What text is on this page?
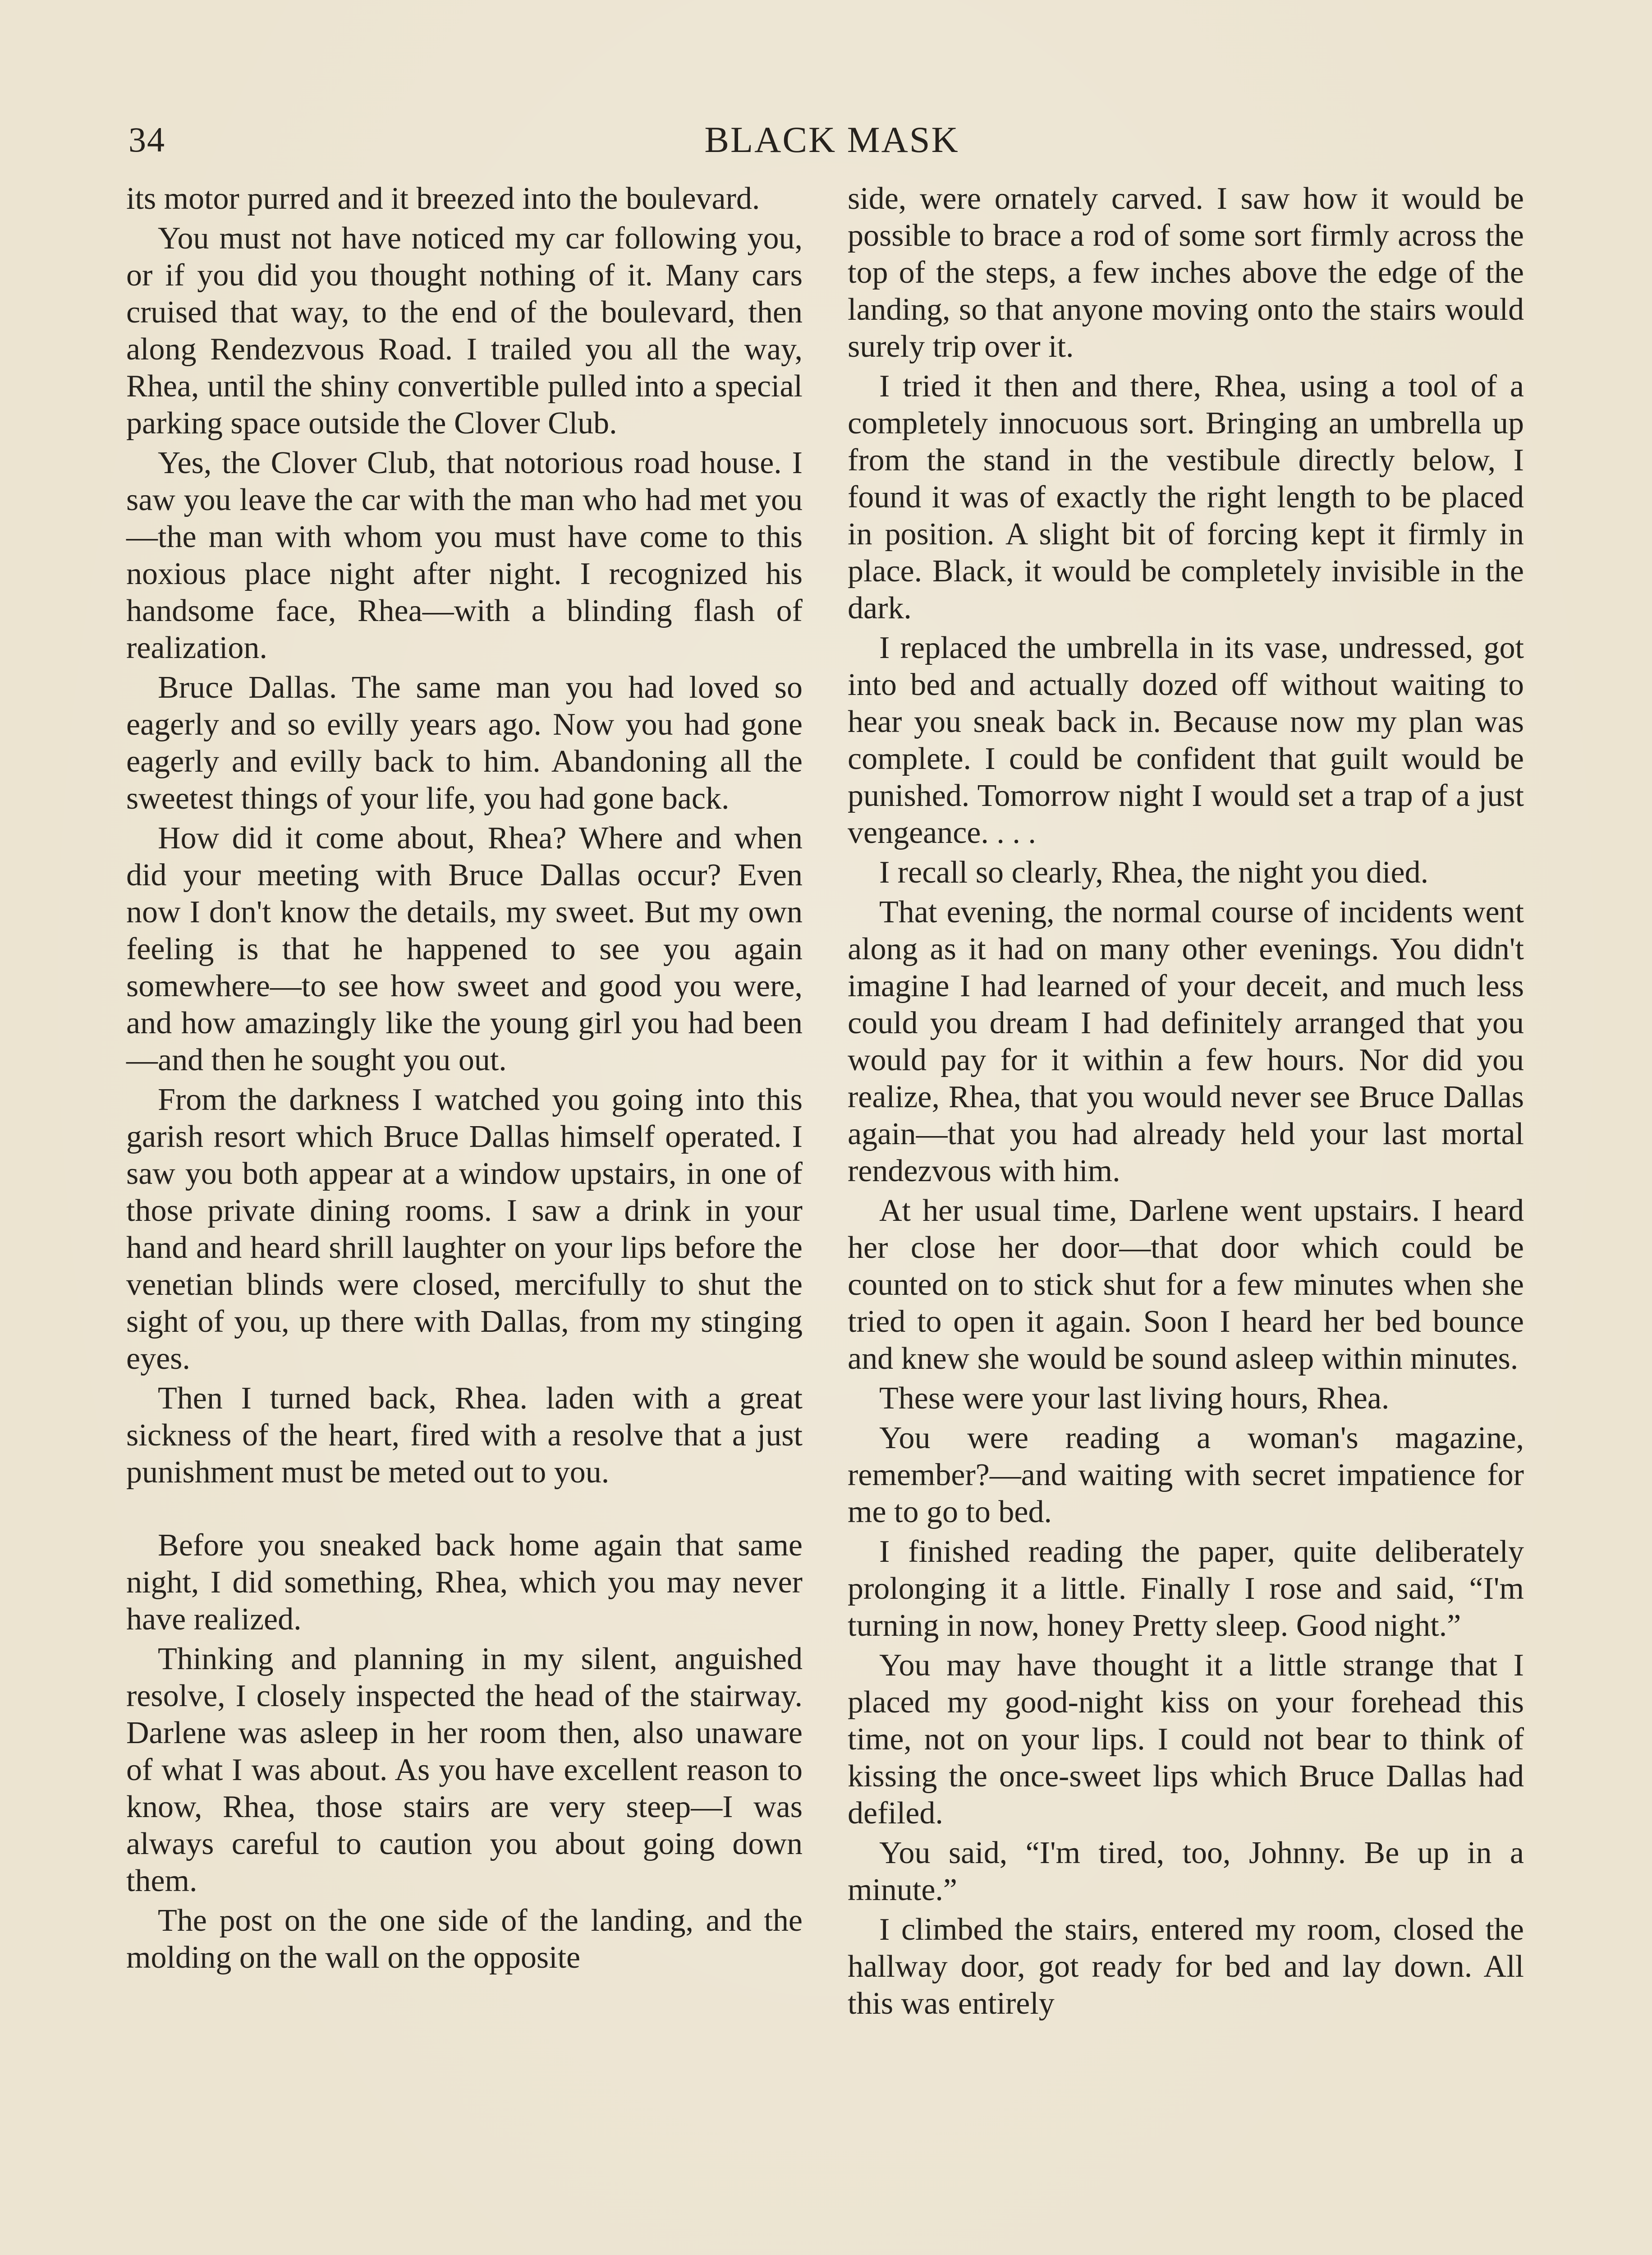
34	BLACK MASK

its motor purred and it breezed into the boulevard.

You must not have noticed my car following you, or if you did you thought nothing of it. Many cars cruised that way, to the end of the boulevard, then along Rendezvous Road. I trailed you all the way, Rhea, until the shiny convertible pulled into a special parking space outside the Clover Club.

Yes, the Clover Club, that notorious road house. I saw you leave the car with the man who had met you—the man with whom you must have come to this noxious place night after night. I recognized his handsome face, Rhea—with a blinding flash of realization.

Bruce Dallas. The same man you had loved so eagerly and so evilly years ago. Now you had gone eagerly and evilly back to him. Abandoning all the sweetest things of your life, you had gone back.

How did it come about, Rhea? Where and when did your meeting with Bruce Dallas occur? Even now I don't know the details, my sweet. But my own feeling is that he happened to see you again somewhere—to see how sweet and good you were, and how amazingly like the young girl you had been—and then he sought you out.

From the darkness I watched you going into this garish resort which Bruce Dallas himself operated. I saw you both appear at a window upstairs, in one of those private dining rooms. I saw a drink in your hand and heard shrill laughter on your lips before the venetian blinds were closed, mercifully to shut the sight of you, up there with Dallas, from my stinging eyes.

Then I turned back, Rhea. laden with a great sickness of the heart, fired with a resolve that a just punishment must be meted out to you.

Before you sneaked back home again that same night, I did something, Rhea, which you may never have realized.

Thinking and planning in my silent, anguished resolve, I closely inspected the head of the stairway. Darlene was asleep in her room then, also unaware of what I was about. As you have excellent reason to know, Rhea, those stairs are very steep—I was always careful to caution you about going down them.

The post on the one side of the landing, and the molding on the wall on the opposite

side, were ornately carved. I saw how it would be possible to brace a rod of some sort firmly across the top of the steps, a few inches above the edge of the landing, so that anyone moving onto the stairs would surely trip over it.

I tried it then and there, Rhea, using a tool of a completely innocuous sort. Bringing an umbrella up from the stand in the vestibule directly below, I found it was of exactly the right length to be placed in position. A slight bit of forcing kept it firmly in place. Black, it would be completely invisible in the dark.

I replaced the umbrella in its vase, undressed, got into bed and actually dozed off without waiting to hear you sneak back in. Because now my plan was complete. I could be confident that guilt would be punished. Tomorrow night I would set a trap of a just vengeance. . . .

I recall so clearly, Rhea, the night you died.

That evening, the normal course of incidents went along as it had on many other evenings. You didn't imagine I had learned of your deceit, and much less could you dream I had definitely arranged that you would pay for it within a few hours. Nor did you realize, Rhea, that you would never see Bruce Dallas again—that you had already held your last mortal rendezvous with him.

At her usual time, Darlene went upstairs. I heard her close her door—that door which could be counted on to stick shut for a few minutes when she tried to open it again. Soon I heard her bed bounce and knew she would be sound asleep within minutes.

These were your last living hours, Rhea.

You were reading a woman's magazine, remember?—and waiting with secret impatience for me to go to bed.

I finished reading the paper, quite deliberately prolonging it a little. Finally I rose and said, “I'm turning in now, honey Pretty sleep. Good night.”

You may have thought it a little strange that I placed my good-night kiss on your forehead this time, not on your lips. I could not bear to think of kissing the once-sweet lips which Bruce Dallas had defiled.

You said, “I'm tired, too, Johnny. Be up in a minute.”

I climbed the stairs, entered my room, closed the hallway door, got ready for bed and lay down. All this was entirely
